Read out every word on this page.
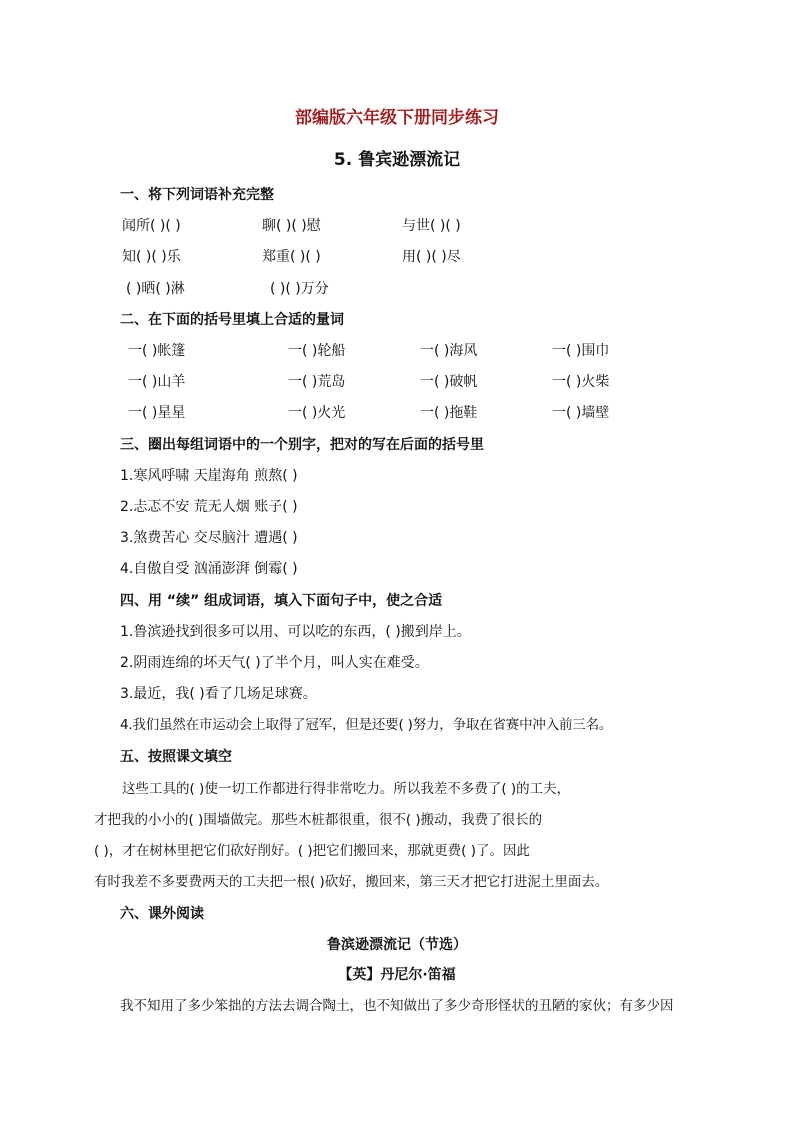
部编版六年级下册同步练习
5. 鲁宾逊漂流记
一、将下列词语补充完整
闻所( )( )	聊( )( )慰	与世( )( )
知( )( )乐	郑重( )( )	用( )( )尽
( )晒( )淋	( )( )万分
二、在下面的括号里填上合适的量词
一( )帐篷	一( )轮船	一( )海风	一( )围巾
一( )山羊	一( )荒岛	一( )破帆	一( )火柴
一( )星星	一( )火光	一( )拖鞋	一( )墙壁
三、圈出每组词语中的一个别字，把对的写在后面的括号里
1.寒风呼啸 天崖海角 煎熬( )
2.忐忑不安 荒无人烟 账子( )
3.煞费苦心 交尽脑汁 遭遇( )
4.自傲自受 汹涌澎湃 倒霉( )
四、用 “续” 组成词语，填入下面句子中，使之合适
1.鲁滨逊找到很多可以用、可以吃的东西，( )搬到岸上。
2.阴雨连绵的坏天气( )了半个月，叫人实在难受。
3.最近，我( )看了几场足球赛。
4.我们虽然在市运动会上取得了冠军，但是还要( )努力，争取在省赛中冲入前三名。
五、按照课文填空
这些工具的( )使一切工作都进行得非常吃力。所以我差不多费了( )的工夫，
才把我的小小的( )围墙做完。那些木桩都很重，很不( )搬动，我费了很长的
( )，才在树林里把它们砍好削好。( )把它们搬回来，那就更费( )了。因此
有时我差不多要费两天的工夫把一根( )砍好，搬回来，第三天才把它打进泥土里面去。
六、课外阅读
鲁滨逊漂流记（节选）
【英】丹尼尔·笛福
我不知用了多少笨拙的方法去调合陶土，也不知做出了多少奇形怪状的丑陋的家伙；有多少因
